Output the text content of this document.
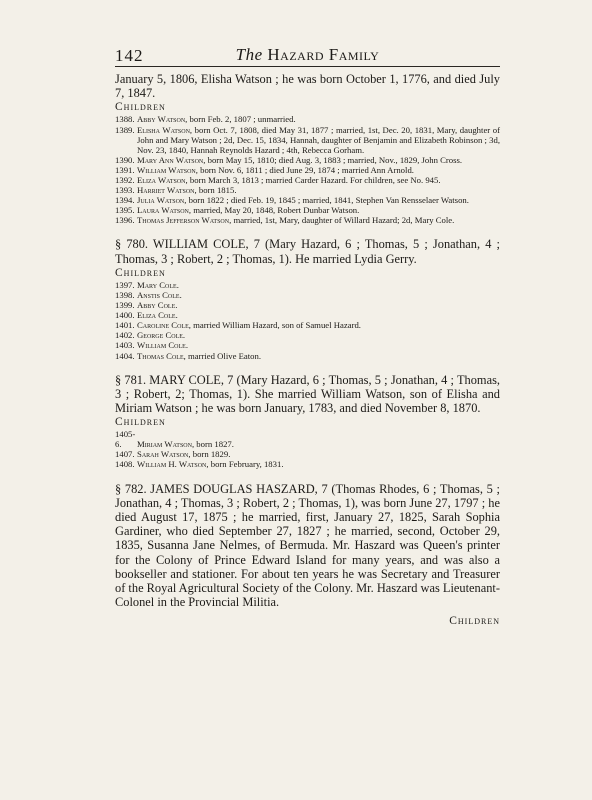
142	The Hazard Family

January 5, 1806, Elisha Watson ; he was born October 1, 1776, and died July 7, 1847.

Children
1388. Abby Watson, born Feb. 2, 1807 ; unmarried.
1389. Elisha Watson, born Oct. 7, 1808, died May 31, 1877 ; married, 1st, Dec. 20, 1831, Mary, daughter of John and Mary Watson ; 2d, Dec. 15, 1834, Hannah, daughter of Benjamin and Elizabeth Robinson ; 3d, Nov. 23, 1840, Hannah Reynolds Hazard ; 4th, Rebecca Gorham.
1390. Mary Ann Watson, born May 15, 1810; died Aug. 3, 1883 ; married, Nov., 1829, John Cross.
1391. William Watson, born Nov. 6, 1811 ; died June 29, 1874 ; married Ann Arnold.
1392. Eliza Watson, born March 3, 1813 ; married Carder Hazard. For children, see No. 945.
1393. Harriet Watson, born 1815.
1394. Julia Watson, born 1822 ; died Feb. 19, 1845 ; married, 1841, Stephen Van Rensselaer Watson.
1395. Laura Watson, married, May 20, 1848, Robert Dunbar Watson.
1396. Thomas Jefferson Watson, married, 1st, Mary, daughter of Willard Hazard; 2d, Mary Cole.

§ 780. WILLIAM COLE, 7 (Mary Hazard, 6 ; Thomas, 5 ; Jonathan, 4 ; Thomas, 3 ; Robert, 2 ; Thomas, 1). He married Lydia Gerry.

Children
1397. Mary Cole.
1398. Anstis Cole.
1399. Abby Cole.
1400. Eliza Cole.
1401. Caroline Cole, married William Hazard, son of Samuel Hazard.
1402. George Cole.
1403. William Cole.
1404. Thomas Cole, married Olive Eaton.

§ 781. MARY COLE, 7 (Mary Hazard, 6 ; Thomas, 5 ; Jonathan, 4 ; Thomas, 3 ; Robert, 2; Thomas, 1). She married William Watson, son of Elisha and Miriam Watson ; he was born January, 1783, and died November 8, 1870.

Children
1405-6. Miriam Watson, born 1827.
1407. Sarah Watson, born 1829.
1408. William H. Watson, born February, 1831.

§ 782. JAMES DOUGLAS HASZARD, 7 (Thomas Rhodes, 6 ; Thomas, 5 ; Jonathan, 4 ; Thomas, 3 ; Robert, 2 ; Thomas, 1), was born June 27, 1797 ; he died August 17, 1875 ; he married, first, January 27, 1825, Sarah Sophia Gardiner, who died September 27, 1827 ; he married, second, October 29, 1835, Susanna Jane Nelmes, of Bermuda. Mr. Haszard was Queen's printer for the Colony of Prince Edward Island for many years, and was also a bookseller and stationer. For about ten years he was Secretary and Treasurer of the Royal Agricultural Society of the Colony. Mr. Haszard was Lieutenant-Colonel in the Provincial Militia.

Children
